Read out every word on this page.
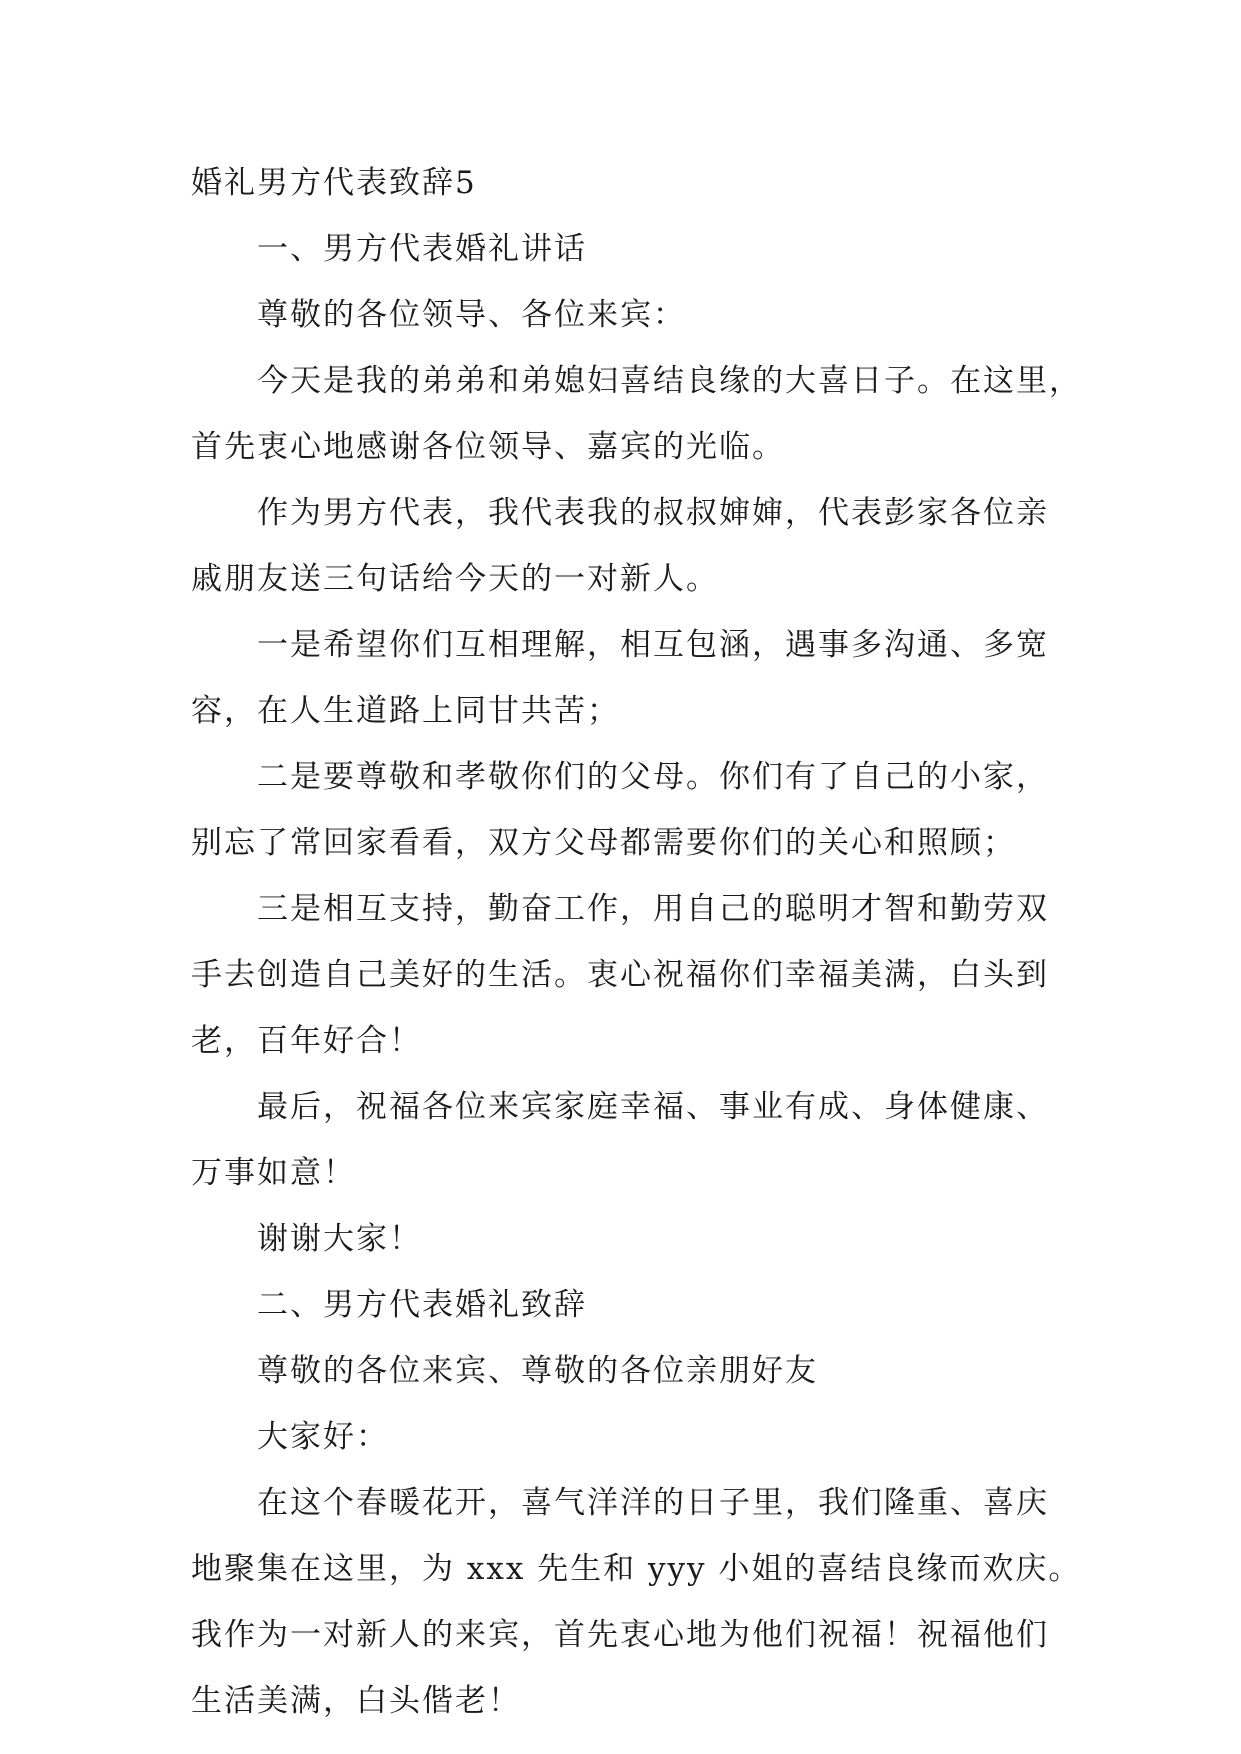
婚礼男方代表致辞5
一、男方代表婚礼讲话
尊敬的各位领导、各位来宾：
今天是我的弟弟和弟媳妇喜结良缘的大喜日子。在这里，
首先衷心地感谢各位领导、嘉宾的光临。
作为男方代表，我代表我的叔叔婶婶，代表彭家各位亲
戚朋友送三句话给今天的一对新人。
一是希望你们互相理解，相互包涵，遇事多沟通、多宽
容，在人生道路上同甘共苦；
二是要尊敬和孝敬你们的父母。你们有了自己的小家，
别忘了常回家看看，双方父母都需要你们的关心和照顾；
三是相互支持，勤奋工作，用自己的聪明才智和勤劳双
手去创造自己美好的生活。衷心祝福你们幸福美满，白头到
老，百年好合！
最后，祝福各位来宾家庭幸福、事业有成、身体健康、
万事如意！
谢谢大家！
二、男方代表婚礼致辞
尊敬的各位来宾、尊敬的各位亲朋好友
大家好：
在这个春暖花开，喜气洋洋的日子里，我们隆重、喜庆
地聚集在这里，为 xxx 先生和 yyy 小姐的喜结良缘而欢庆。
我作为一对新人的来宾，首先衷心地为他们祝福！祝福他们
生活美满，白头偕老！
